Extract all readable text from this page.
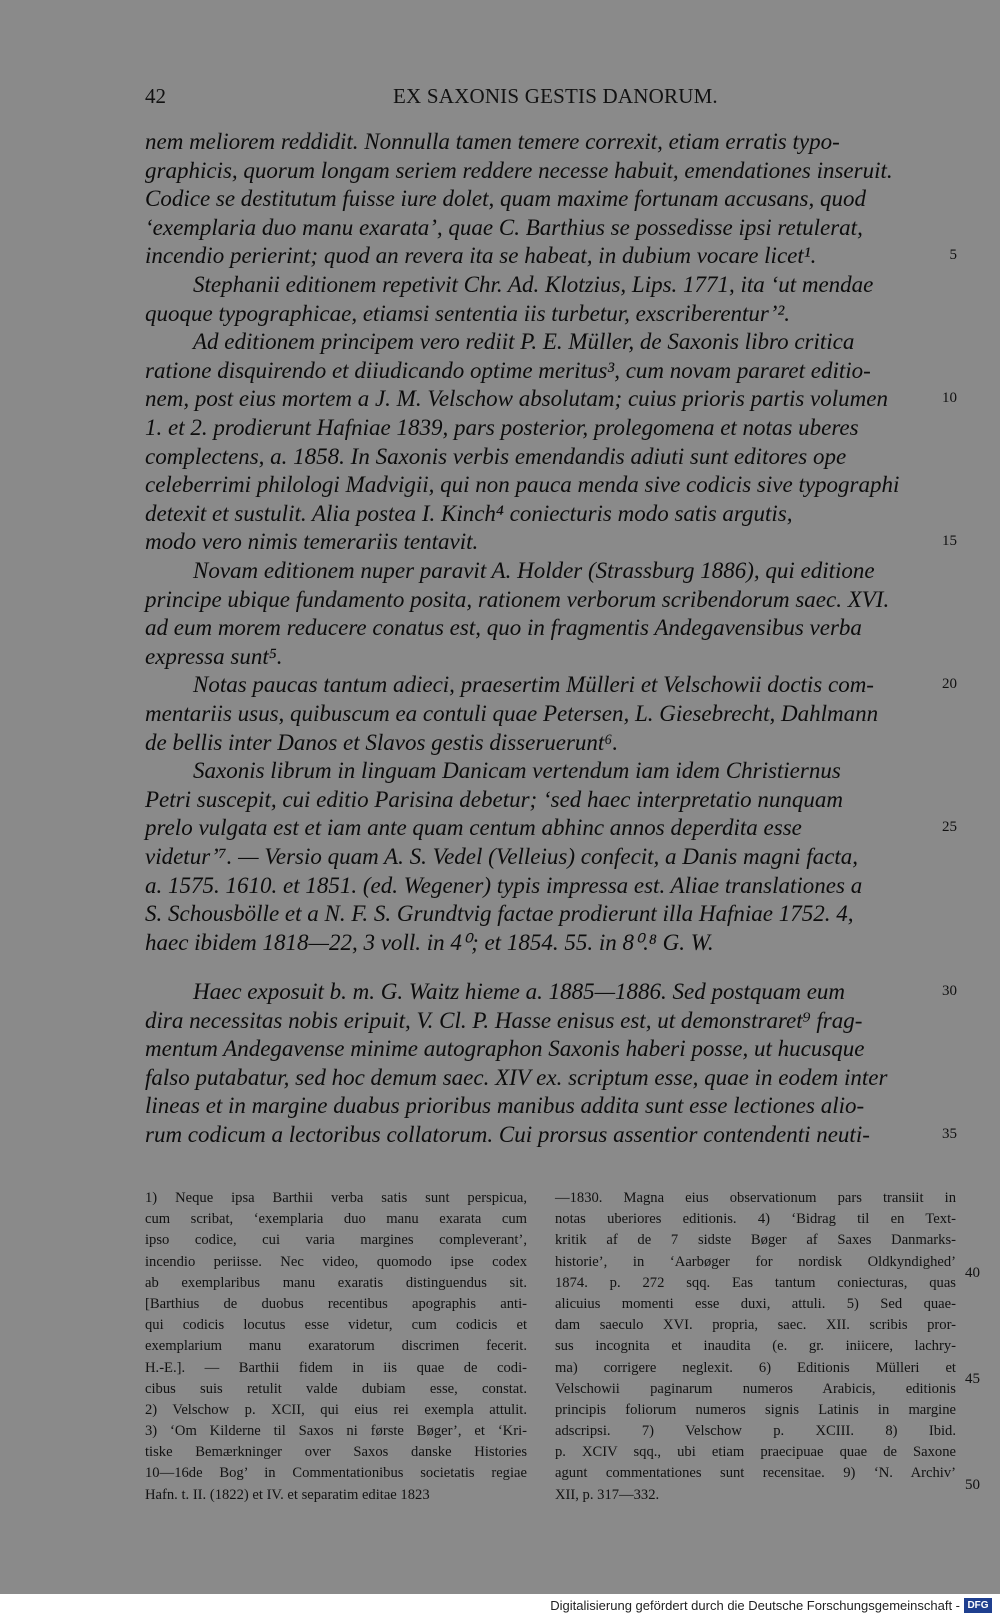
42	EX SAXONIS GESTIS DANORUM.
nem meliorem reddidit. Nonnulla tamen temere correxit, etiam erratis typo-
graphicis, quorum longam seriem reddere necesse habuit, emendationes inseruit.
Codice se destitutum fuisse iure dolet, quam maxime fortunam accusans, quod
‘exemplaria duo manu exarata’, quae C. Barthius se possedisse ipsi retulerat,
incendio perierint; quod an revera ita se habeat, in dubium vocare licet¹.	5
Stephanii editionem repetivit Chr. Ad. Klotzius, Lips. 1771, ita ‘ut mendae
quoque typographicae, etiamsi sententia iis turbetur, exscriberentur’².
Ad editionem principem vero rediit P. E. Müller, de Saxonis libro critica
ratione disquirendo et diiudicando optime meritus³, cum novam pararet editio-
nem, post eius mortem a J. M. Velschow absolutam; cuius prioris partis volumen	10
1. et 2. prodierunt Hafniae 1839, pars posterior, prolegomena et notas uberes
complectens, a. 1858. In Saxonis verbis emendandis adiuti sunt editores ope
celeberrimi philologi Madvigii, qui non pauca menda sive codicis sive typographi
detexit et sustulit. Alia postea I. Kinch⁴ coniecturis modo satis argutis,
modo vero nimis temerariis tentavit.	15
Novam editionem nuper paravit A. Holder (Strassburg 1886), qui editione
principe ubique fundamento posita, rationem verborum scribendorum saec. XVI.
ad eum morem reducere conatus est, quo in fragmentis Andegavensibus verba
expressa sunt⁵.
Notas paucas tantum adieci, praesertim Mülleri et Velschowii doctis com-	20
mentariis usus, quibuscum ea contuli quae Petersen, L. Giesebrecht, Dahlmann
de bellis inter Danos et Slavos gestis disseruerunt⁶.
Saxonis librum in linguam Danicam vertendum iam idem Christiernus
Petri suscepit, cui editio Parisina debetur; ‘sed haec interpretatio nunquam
prelo vulgata est et iam ante quam centum abhinc annos deperdita esse	25
videtur’⁷. — Versio quam A. S. Vedel (Velleius) confecit, a Danis magni facta,
a. 1575. 1610. et 1851. (ed. Wegener) typis impressa est. Aliae translationes a
S. Schousbölle et a N. F. S. Grundtvig factae prodierunt illa Hafniae 1752. 4,
haec ibidem 1818—22, 3 voll. in 4⁰; et 1854. 55. in 8⁰.⁸ G. W.
Haec exposuit b. m. G. Waitz hieme a. 1885—1886. Sed postquam eum	30
dira necessitas nobis eripuit, V. Cl. P. Hasse enisus est, ut demonstraret⁹ frag-
mentum Andegavense minime autographon Saxonis haberi posse, ut hucusque
falso putabatur, sed hoc demum saec. XIV ex. scriptum esse, quae in eodem inter
lineas et in margine duabus prioribus manibus addita sunt esse lectiones alio-
rum codicum a lectoribus collatorum. Cui prorsus assentior contendenti neuti-	35
1) Neque ipsa Barthii verba satis sunt perspicua,
cum scribat, ‘exemplaria duo manu exarata cum
ipso codice, cui varia margines compleverant’,
incendio periisse. Nec video, quomodo ipse codex
ab exemplaribus manu exaratis distinguendus sit.
[Barthius de duobus recentibus apographis anti-
qui codicis locutus esse videtur, cum codicis et
exemplarium manu exaratorum discrimen fecerit.
H.-E.]. — Barthii fidem in iis quae de codi-
cibus suis retulit valde dubiam esse, constat.
2) Velschow p. XCII, qui eius rei exempla attulit.
3) ‘Om Kilderne til Saxos ni første Bøger’, et ‘Kri-
tiske Bemærkninger over Saxos danske Histories
10—16de Bog’ in Commentationibus societatis regiae
Hafn. t. II. (1822) et IV. et separatim editae 1823
—1830. Magna eius observationum pars transiit in
notas uberiores editionis. 4) ‘Bidrag til en Text-
kritik af de 7 sidste Bøger af Saxes Danmarks-
historie’, in ‘Aarbøger for nordisk Oldkyndighed’
1874. p. 272 sqq. Eas tantum coniecturas, quas
alicuius momenti esse duxi, attuli. 5) Sed quae-
dam saeculo XVI. propria, saec. XII. scribis pror-
sus incognita et inaudita (e. gr. iniicere, lachry-
ma) corrigere neglexit. 6) Editionis Mülleri et
Velschowii paginarum numeros Arabicis, editionis
principis foliorum numeros signis Latinis in margine
adscripsi. 7) Velschow p. XCIII. 8) Ibid.
p. XCIV sqq., ubi etiam praecipuae quae de Saxone
agunt commentationes sunt recensitae. 9) ‘N. Archiv’
XII, p. 317—332.
40
45
50
Digitalisierung gefördert durch die Deutsche Forschungsgemeinschaft - DFG
